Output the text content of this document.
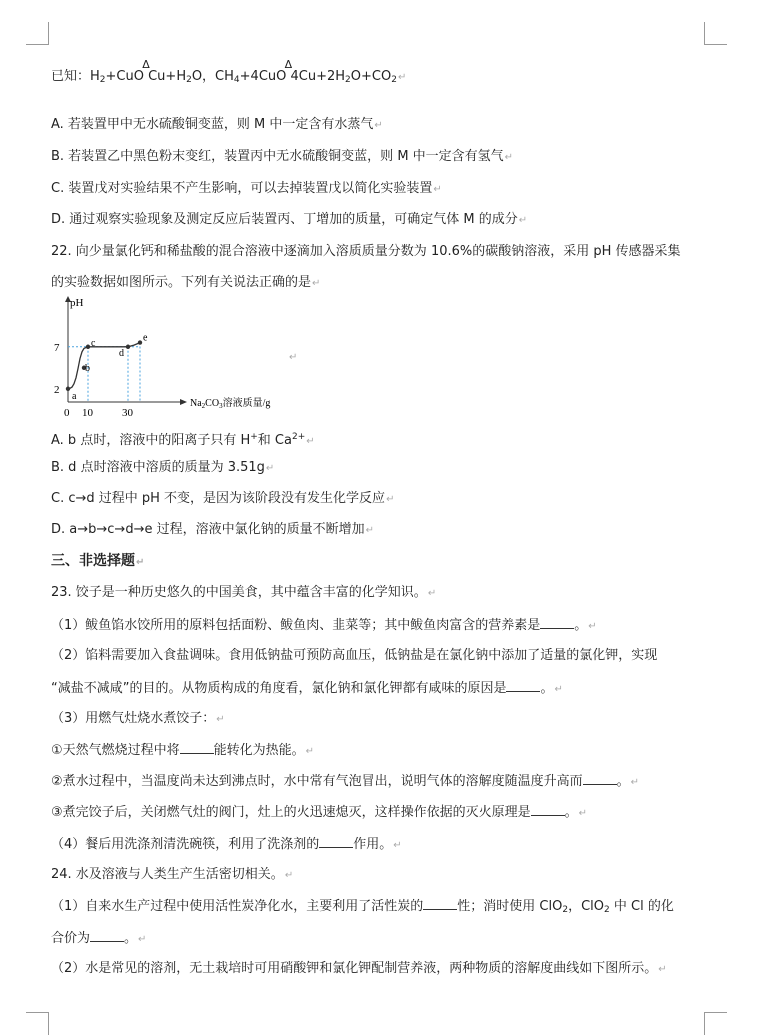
已知：$H_2+CuO$
Δ
$Cu+H_2O$，$CH_4+4CuO$
Δ
$4Cu+2H_2O+CO_2↵$
A. 若装置甲中无水硫酸铜变蓝，则 M 中一定含有水蒸气↵
B. 若装置乙中黑色粉末变红，装置丙中无水硫酸铜变蓝，则 M 中一定含有氢气↵
C. 装置戊对实验结果不产生影响，可以去掉装置戊以简化实验装置↵
D. 通过观察实验现象及测定反应后装置丙、丁增加的质量，可确定气体 M 的成分↵
22. 向少量氯化钙和稀盐酸的混合溶液中逐滴加入溶质质量分数为 10.6%的碳酸钠溶液，采用 pH 传感器采集
的实验数据如图所示。下列有关说法正确的是↵
pH
$Na_2CO_3$溶液质量/g
2
7
0 10	30
a
b
c
d
e
↵
A. b 点时，溶液中的阳离子只有 H+和 $Ca^{2+}↵$
B. d 点时溶液中溶质的质量为 3.51g↵
C. c→d 过程中 pH 不变，是因为该阶段没有发生化学反应↵
D. a→b→c→d→e 过程，溶液中氯化钠的质量不断增加↵
三、非选择题↵
23. 饺子是一种历史悠久的中国美食，其中蕴含丰富的化学知识。↵
（1）鲅鱼馅水饺所用的原料包括面粉、鲅鱼肉、韭菜等；其中鲅鱼肉富含的营养素是	。↵
（2）馅料需要加入食盐调味。食用低钠盐可预防高血压，低钠盐是在氯化钠中添加了适量的氯化钾，实现
“减盐不减咸”的目的。从物质构成的角度看，氯化钠和氯化钾都有咸味的原因是	。↵
（3）用燃气灶烧水煮饺子：↵
①天然气燃烧过程中将	能转化为热能。↵
②煮水过程中，当温度尚未达到沸点时，水中常有气泡冒出，说明气体的溶解度随温度升高而	。↵
③煮完饺子后，关闭燃气灶的阀门，灶上的火迅速熄灭，这样操作依据的灭火原理是	。↵
（4）餐后用洗涤剂清洗碗筷，利用了洗涤剂的	作用。↵
24. 水及溶液与人类生产生活密切相关。↵
（1）自来水生产过程中使用活性炭净化水，主要利用了活性炭的	性；消时使用 ClO$_2$，ClO$_2$ 中 Cl 的化
合价为	。↵
（2）水是常见的溶剂，无土栽培时可用硝酸钾和氯化钾配制营养液，两种物质的溶解度曲线如下图所示。↵
